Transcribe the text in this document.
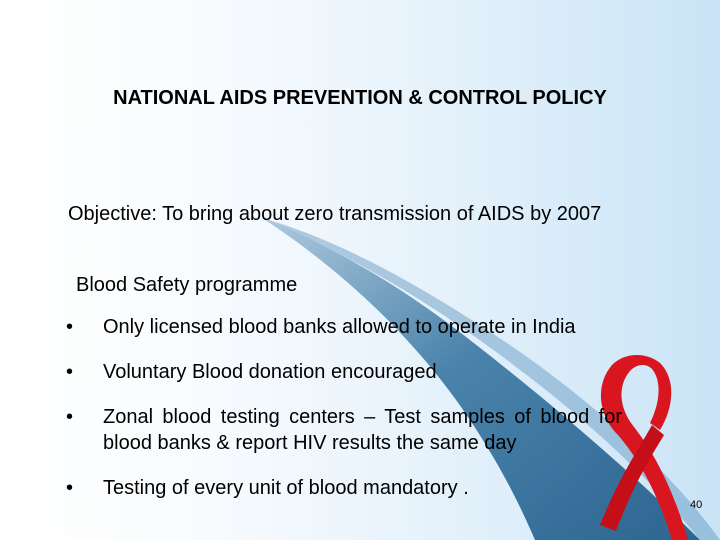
NATIONAL AIDS PREVENTION & CONTROL POLICY
Objective: To bring about zero transmission of AIDS by 2007
Blood Safety programme
• Only licensed blood banks allowed to operate in India
• Voluntary Blood donation encouraged
• Zonal blood testing centers – Test samples of blood for blood banks & report HIV results the same day
• Testing of every unit of blood mandatory .
40
